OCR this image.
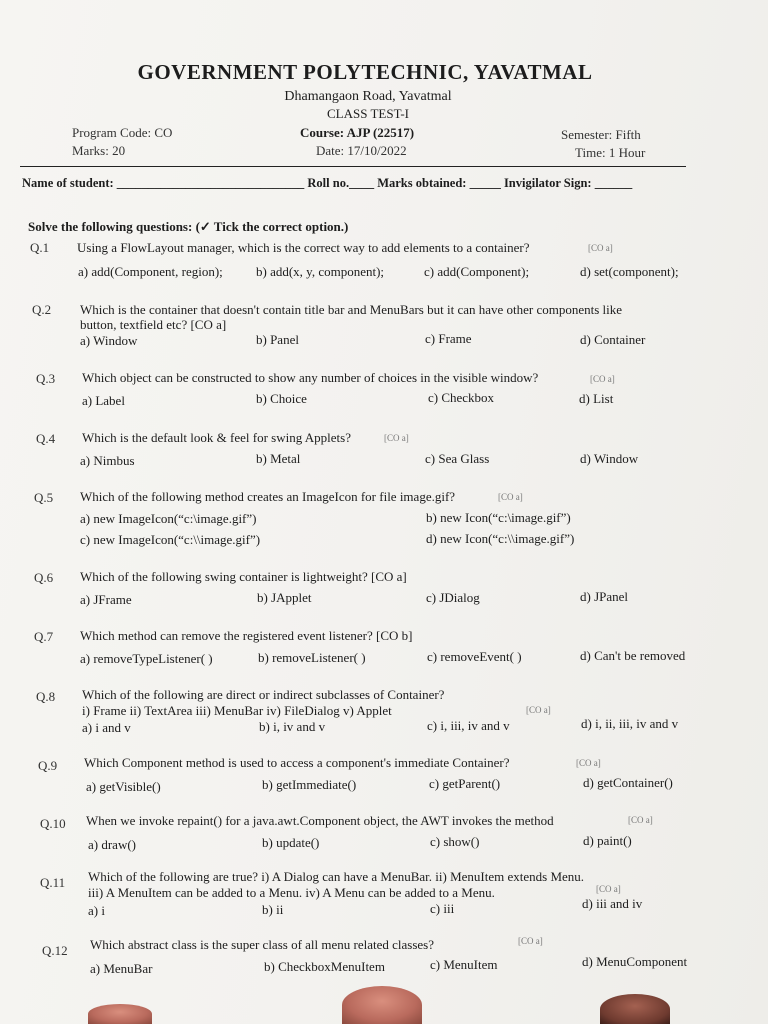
GOVERNMENT POLYTECHNIC, YAVATMAL
Dhamangaon Road, Yavatmal
CLASS TEST-I
Program Code: CO
Marks: 20
Course: AJP (22517)
Date: 17/10/2022
Semester: Fifth
Time: 1 Hour
Name of student: ______________________________ Roll no.____ Marks obtained: _____ Invigilator Sign: ______
Solve the following questions: (✓ Tick the correct option.)
Q.1 Using a FlowLayout manager, which is the correct way to add elements to a container?	[CO a]
a) add(Component, region);	b) add(x, y, component);	c) add(Component);	d) set(component);
Q.2 Which is the container that doesn't contain title bar and MenuBars but it can have other components like
button, textfield etc? [CO a]
a) Window	b) Panel	c) Frame	d) Container
Q.3 Which object can be constructed to show any number of choices in the visible window?	[CO a]
a) Label	b) Choice	c) Checkbox	d) List
Q.4 Which is the default look & feel for swing Applets?	[CO a]
a) Nimbus	b) Metal	c) Sea Glass	d) Window
Q.5 Which of the following method creates an ImageIcon for file image.gif?	[CO a]
a) new ImageIcon(“c:\image.gif”)	b) new Icon(“c:\image.gif”)
c) new ImageIcon(“c:\\image.gif”)	d) new Icon(“c:\\image.gif”)
Q.6 Which of the following swing container is lightweight? [CO a]
a) JFrame	b) JApplet	c) JDialog	d) JPanel
Q.7 Which method can remove the registered event listener? [CO b]
a) removeTypeListener( )	b) removeListener( )	c) removeEvent( )	d) Can't be removed
Q.8 Which of the following are direct or indirect subclasses of Container?
i) Frame ii) TextArea iii) MenuBar iv) FileDialog v) Applet	[CO a]
a) i and v	b) i, iv and v	c) i, iii, iv and v	d) i, ii, iii, iv and v
Q.9 Which Component method is used to access a component's immediate Container?	[CO a]
a) getVisible()	b) getImmediate()	c) getParent()	d) getContainer()
Q.10 When we invoke repaint() for a java.awt.Component object, the AWT invokes the method	[CO a]
a) draw()	b) update()	c) show()	d) paint()
Q.11 Which of the following are true? i) A Dialog can have a MenuBar. ii) MenuItem extends Menu.
iii) A MenuItem can be added to a Menu. iv) A Menu can be added to a Menu.	[CO a]
a) i	b) ii	c) iii	d) iii and iv
Q.12 Which abstract class is the super class of all menu related classes?	[CO a]
a) MenuBar	b) CheckboxMenuItem	c) MenuItem	d) MenuComponent
